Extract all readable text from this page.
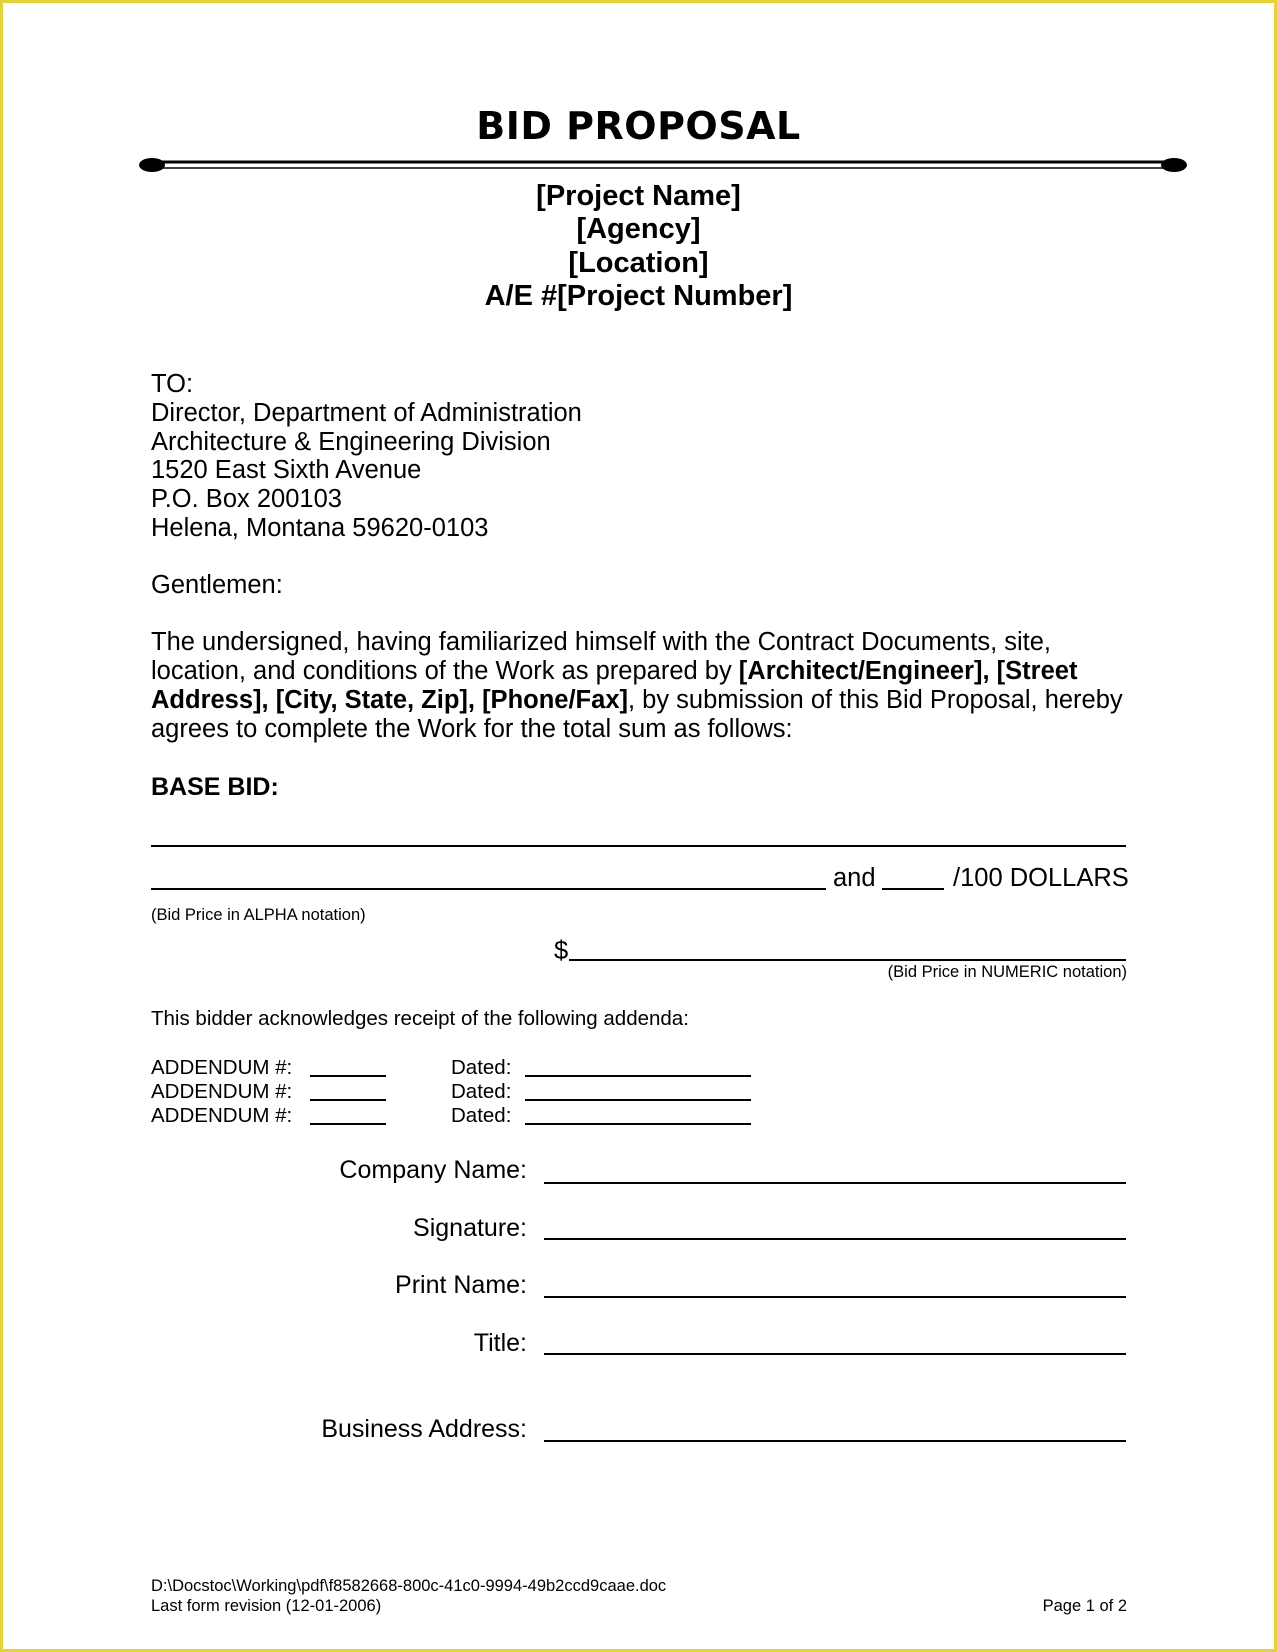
BID PROPOSAL
[Project Name]
[Agency]
[Location]
A/E #[Project Number]
TO:
Director, Department of Administration
Architecture & Engineering Division
1520 East Sixth Avenue
P.O. Box 200103
Helena, Montana 59620-0103
Gentlemen:
The undersigned, having familiarized himself with the Contract Documents, site, location, and conditions of the Work as prepared by [Architect/Engineer], [Street Address], [City, State, Zip], [Phone/Fax], by submission of this Bid Proposal, hereby agrees to complete the Work for the total sum as follows:
BASE BID:
and	/100 DOLLARS
(Bid Price in ALPHA notation)
$
(Bid Price in NUMERIC notation)
This bidder acknowledges receipt of the following addenda:
ADDENDUM #:	Dated:
ADDENDUM #:	Dated:
ADDENDUM #:	Dated:
Company Name:
Signature:
Print Name:
Title:
Business Address:
D:\Docstoc\Working\pdf\f8582668-800c-41c0-9994-49b2ccd9caae.doc
Last form revision (12-01-2006)	Page 1 of 2
